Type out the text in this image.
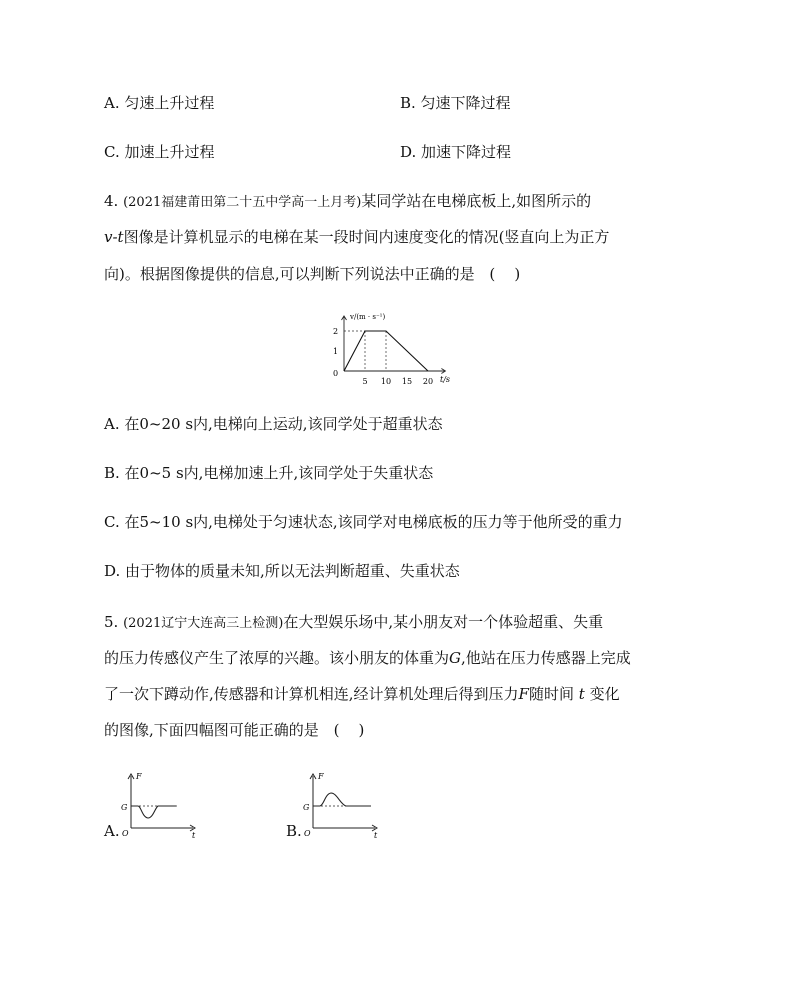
A. 匀速上升过程	B. 匀速下降过程
C. 加速上升过程	D. 加速下降过程
4. (2021福建莆田第二十五中学高一上月考)某同学站在电梯底板上,如图所示的
v-t图像是计算机显示的电梯在某一段时间内速度变化的情况(竖直向上为正方
向)。根据图像提供的信息,可以判断下列说法中正确的是 (    )
v/(m · s⁻¹)
t/s
0
1
2
5 10 15 20
A. 在0~20 s内,电梯向上运动,该同学处于超重状态
B. 在0~5 s内,电梯加速上升,该同学处于失重状态
C. 在5~10 s内,电梯处于匀速状态,该同学对电梯底板的压力等于他所受的重力
D. 由于物体的质量未知,所以无法判断超重、失重状态
5. (2021辽宁大连高三上检测)在大型娱乐场中,某小朋友对一个体验超重、失重
的压力传感仪产生了浓厚的兴趣。该小朋友的体重为G,他站在压力传感器上完成
了一次下蹲动作,传感器和计算机相连,经计算机处理后得到压力F随时间 t 变化
的图像,下面四幅图可能正确的是 (    )
A.
F
G
O	t	B.
F
G
O	t
